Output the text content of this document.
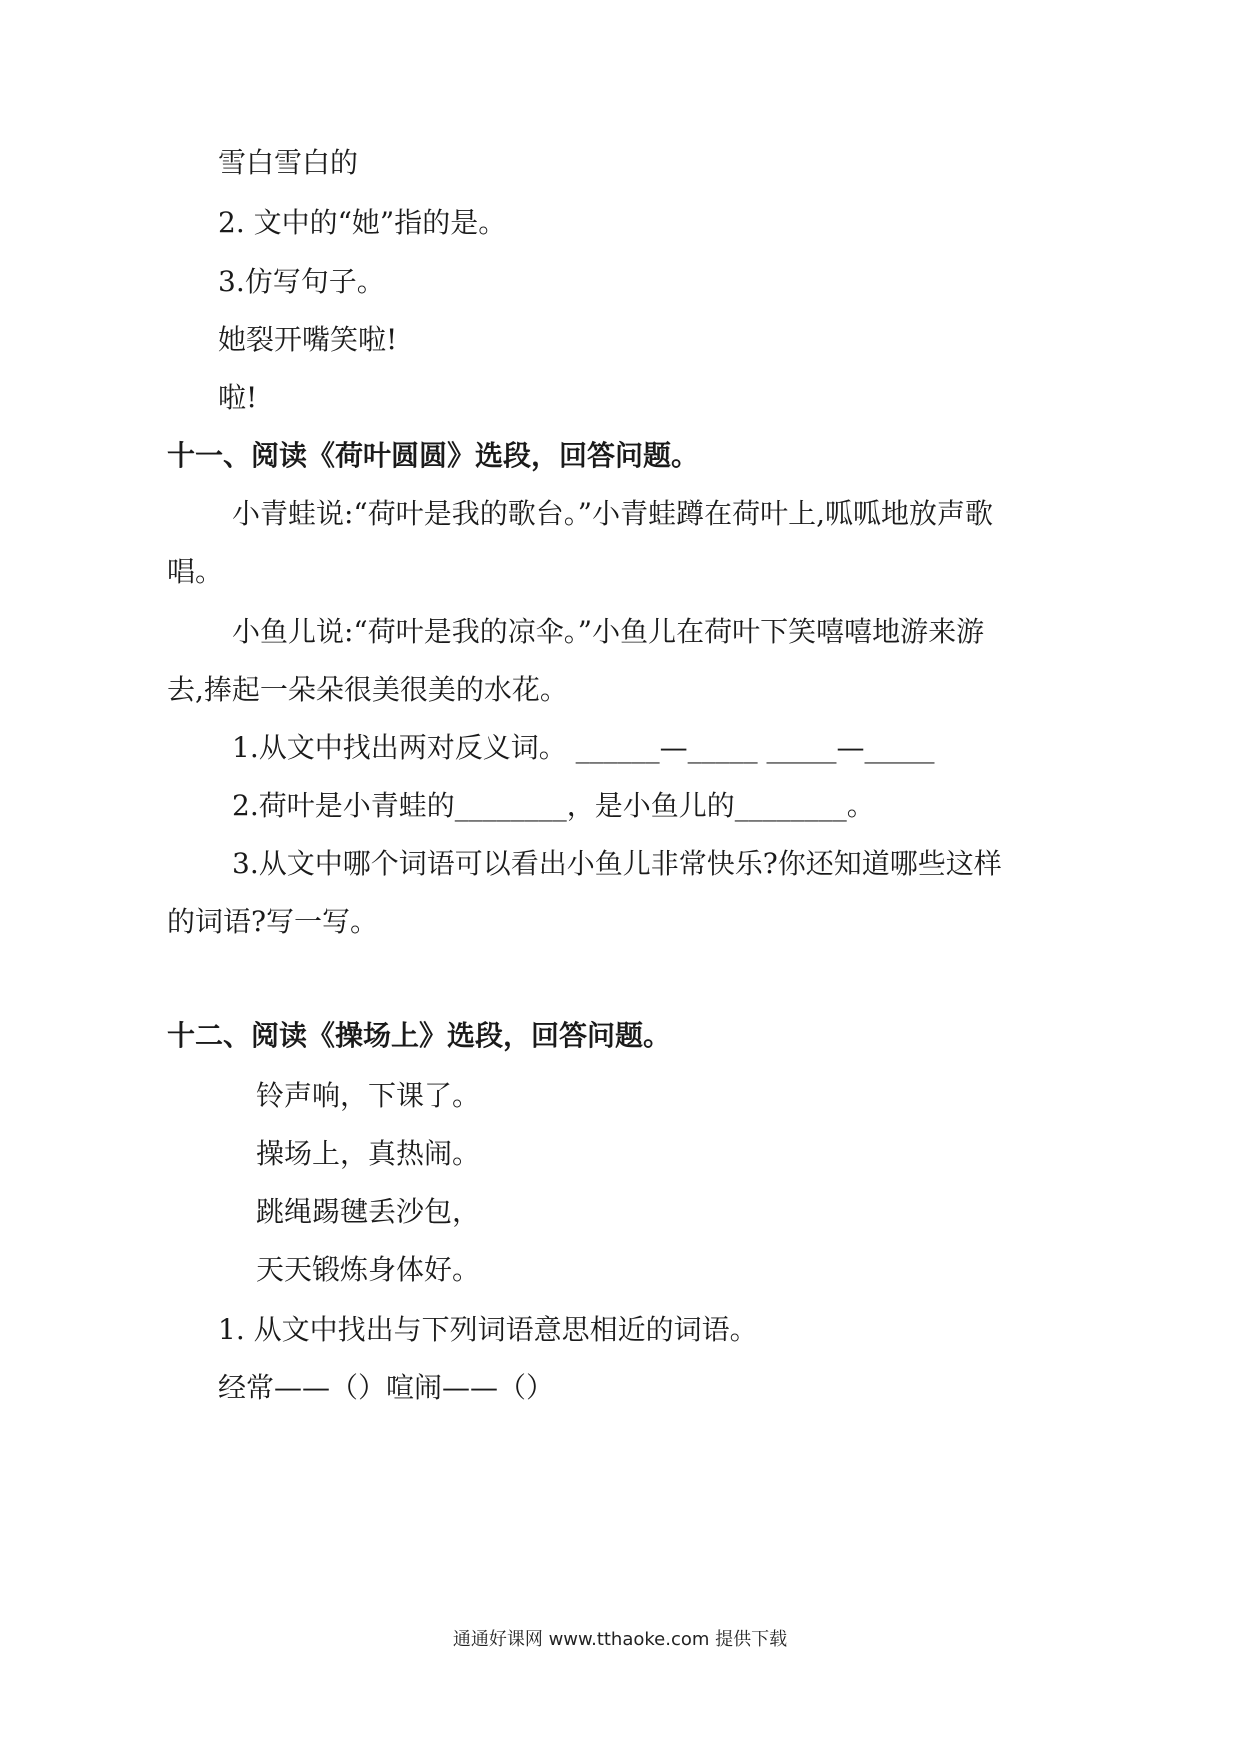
雪白雪白的

2. 文中的“她”指的是。

3.仿写句子。

她裂开嘴笑啦!

啦!

十一、阅读《荷叶圆圆》选段，回答问题。

小青蛙说:“荷叶是我的歌台。”小青蛙蹲在荷叶上,呱呱地放声歌

唱。

小鱼儿说:“荷叶是我的凉伞。”小鱼儿在荷叶下笑嘻嘻地游来游

去,捧起一朵朵很美很美的水花。

1.从文中找出两对反义词。 ______—_____ _____—_____

2.荷叶是小青蛙的________，是小鱼儿的________。

3.从文中哪个词语可以看出小鱼儿非常快乐?你还知道哪些这样

的词语?写一写。

十二、阅读《操场上》选段，回答问题。

铃声响，下课了。

操场上，真热闹。

跳绳踢毽丢沙包，

天天锻炼身体好。

1. 从文中找出与下列词语意思相近的词语。

经常——（）喧闹——（）

通通好课网 www.tthaoke.com 提供下载
